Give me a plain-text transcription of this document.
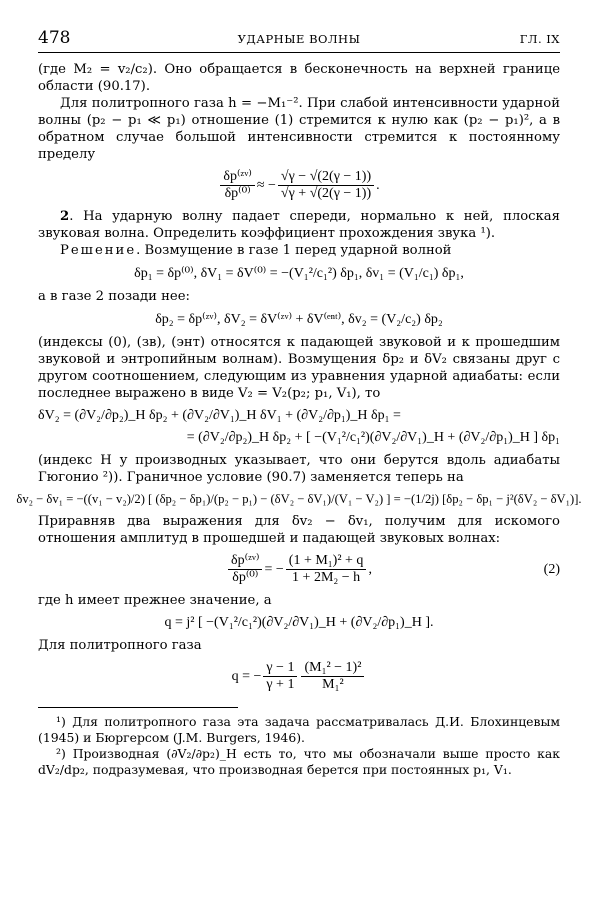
478	УДАРНЫЕ ВОЛНЫ	ГЛ. IX

(где M₂ = v₂/c₂). Оно обращается в бесконечность на верхней границе области (90.17).

Для политропного газа h = −M₁⁻². При слабой интенсивности ударной волны (p₂ − p₁ ≪ p₁) отношение (1) стремится к нулю как (p₂ − p₁)², а в обратном случае большой интенсивности стремится к постоянному пределу

$\frac{\text{δp⁽ᶻᵛ⁾}}{\text{δp⁽⁰⁾}}$ ≈ − $\frac{√\gamma - √(2(\gamma - 1))}{√\gamma + √(2(\gamma - 1))}$ .

2. На ударную волну падает спереди, нормально к ней, плоская звуковая волна. Определить коэффициент прохождения звука ¹).

Решение. Возмущение в газе 1 перед ударной волной

δp₁ = δp⁽⁰⁾, δV₁ = δV⁽⁰⁾ = −(V₁²/c₁²) δp₁, δv₁ = (V₁/c₁) δp₁,

а в газе 2 позади нее:

δp₂ = δp⁽ᶻᵛ⁾, δV₂ = δV⁽ᶻᵛ⁾ + δV⁽ᵉⁿᵗ⁾, δv₂ = (V₂/c₂) δp₂

(индексы (0), (зв), (энт) относятся к падающей звуковой и к прошедшим звуковой и энтропийным волнам). Возмущения δp₂ и δV₂ связаны друг с другом соотношением, следующим из уравнения ударной адиабаты: если последнее выражено в виде V₂ = V₂(p₂; p₁, V₁), то

δV₂ = (∂V₂/∂p₂)_H δp₂ + (∂V₂/∂V₁)_H δV₁ + (∂V₂/∂p₁)_H δp₁ =
= (∂V₂/∂p₂)_H δp₂ + [ −(V₁²/c₁²)(∂V₂/∂V₁)_H + (∂V₂/∂p₁)_H ] δp₁

(индекс H у производных указывает, что они берутся вдоль адиабаты Гюгонио ²)). Граничное условие (90.7) заменяется теперь на

δv₂ − δv₁ = −((v₁ − v₂)/2) [ (δp₂ − δp₁)/(p₂ − p₁) − (δV₂ − δV₁)/(V₁ − V₂) ] = −(1/2j) [δp₂ − δp₁ − j²(δV₂ − δV₁)].

Приравняв два выражения для δv₂ − δv₁, получим для искомого отношения амплитуд в прошедшей и падающей звуковых волнах:

$\frac{\text{δp⁽ᶻᵛ⁾}}{\text{δp⁽⁰⁾}}$ = − $\frac{\text{(1 + M₁)² + q}}{\text{1 + 2M₂ − h}}$ ,	(2)

где h имеет прежнее значение, а

q = j² [ −(V₁²/c₁²)(∂V₂/∂V₁)_H + (∂V₂/∂p₁)_H ].

Для политропного газа

q = − $\frac{\gamma - 1}{\gamma + 1} \frac{\text{(M₁² − 1)²}}{\text{M₁²}}$

¹) Для политропного газа эта задача рассматривалась Д.И. Блохинцевым (1945) и Бюргерсом (J.M. Burgers, 1946).

²) Производная (∂V₂/∂p₂)_H есть то, что мы обозначали выше просто как dV₂/dp₂, подразумевая, что производная берется при постоянных p₁, V₁.
